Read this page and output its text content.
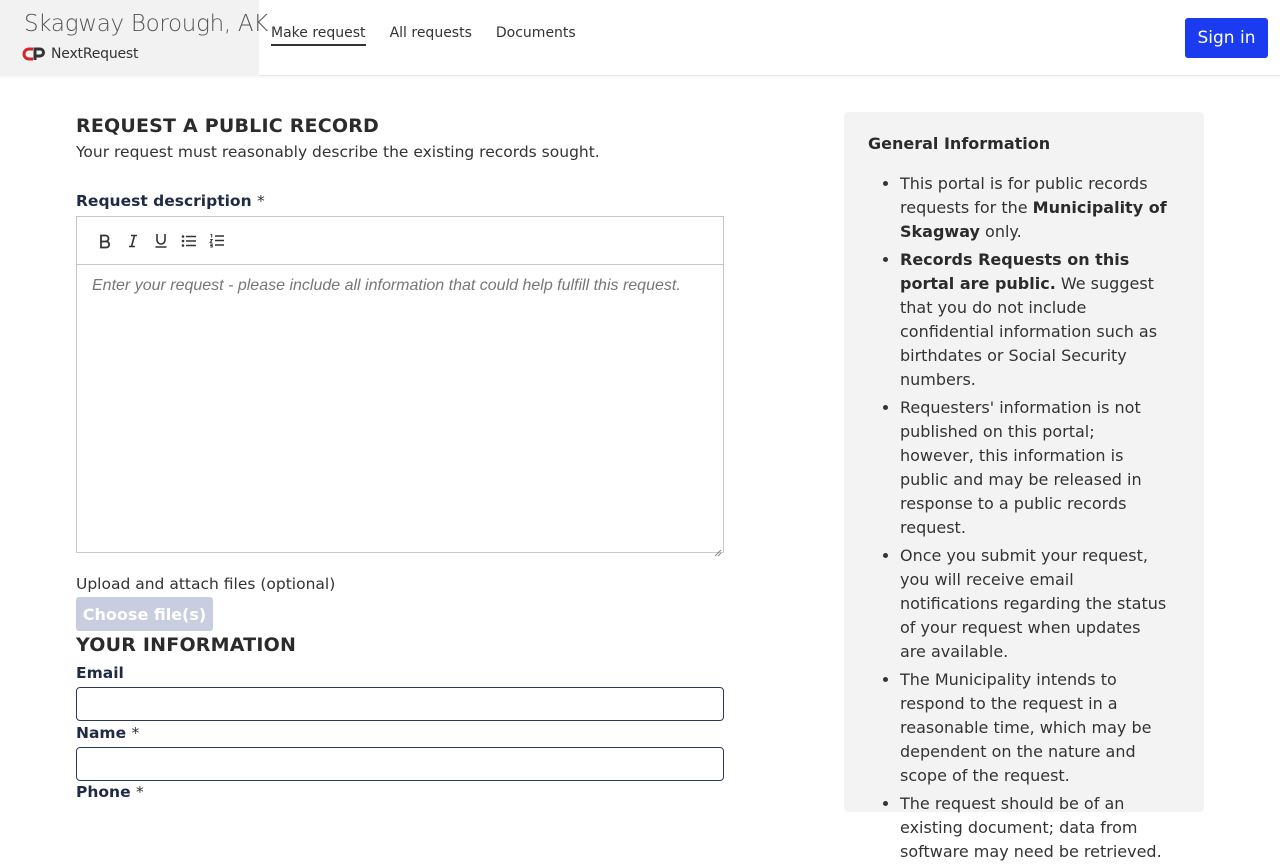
Skagway Borough, AK
NextRequest
Make request All requests Documents	Sign in
REQUEST A PUBLIC RECORD
Your request must reasonably describe the existing records sought.
Request description *
Enter your request - please include all information that could help fulfill this request.
Upload and attach files (optional)
Choose file(s)
YOUR INFORMATION
Email
Name *
Phone *
General Information
• This portal is for public records requests for the Municipality of Skagway only.
• Records Requests on this portal are public. We suggest that you do not include confidential information such as birthdates or Social Security numbers.
• Requesters' information is not published on this portal; however, this information is public and may be released in response to a public records request.
• Once you submit your request, you will receive email notifications regarding the status of your request when updates are available.
• The Municipality intends to respond to the request in a reasonable time, which may be dependent on the nature and scope of the request.
• The request should be of an existing document; data from software may need be retrieved.
